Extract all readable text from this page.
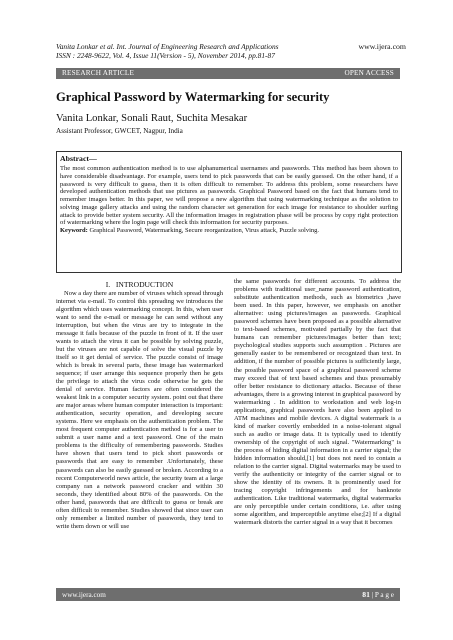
Vanita Lonkar et al. Int. Journal of Engineering Research and Applications	www.ijera.com
ISSN : 2248-9622, Vol. 4, Issue 11(Version - 5), November 2014, pp.81-87
RESEARCH ARTICLE	OPEN ACCESS
Graphical Password by Watermarking for security
Vanita Lonkar, Sonali Raut, Suchita Mesakar
Assistant Professor, GWCET, Nagpur, India
Abstract—

The most common authentication method is to use alphanumerical usernames and passwords. This method has been shown to have considerable disadvantage. For example, users tend to pick passwords that can be easily guessed. On the other hand, if a password is very difficult to guess, then it is often difficult to remember. To address this problem, some researchers have developed authentication methods that use pictures as passwords. Graphical Password based on the fact that humans tend to remember images better. In this paper, we will propose a new algorithm that using watermarking technique as the solution to solving image gallery attacks and using the random character set generation for each image for resistance to shoulder surfing attack to provide better system security. All the information images in registration phase will be process by copy right protection of watermarking where the login page will check this information for security purposes.

Keyword: Graphical Password, Watermarking, Secure reorganization, Virus attack, Puzzle solving.

I. INTRODUCTION

Now a day there are number of viruses which spread through internet via e-mail. To control this spreading we introduces the algorithm which uses watermarking concept. In this, when user want to send the e-mail or message he can send without any interruption, but when the virus are try to integrate in the message it fails because of the puzzle in front of it. If the user wants to attach the virus it can be possible by solving puzzle, but the viruses are not capable of solve the visual puzzle by itself so it get denial of service. The puzzle consist of image which is break in several parts, these image has watermarked sequence; if user arrange this sequence properly then he gets the privilege to attach the virus code otherwise he gets the denial of service. Human factors are often considered the weakest link in a computer security system. point out that there are major areas where human computer interaction is important: authentication, security operation, and developing secure systems. Here we emphasis on the authentication problem. The most frequent computer authentication method is for a user to submit a user name and a text password. One of the main problems is the difficulty of remembering passwords. Studies have shown that users tend to pick short passwords or passwords that are easy to remember .Unfortunately, these passwords can also be easily guessed or broken. According to a recent Computerworld news article, the security team at a large company ran a network password cracker and within 30 seconds, they identified about 80% of the passwords. On the other hand, passwords that are difficult to guess or break are often difficult to remember. Studies showed that since user can only remember a limited number of passwords, they tend to write them down or will use

the same passwords for different accounts. To address the problems with traditional user_name password authentication, substitute authentication methods, such as biometrics ,have been used. In this paper, however, we emphasis on another alternative: using pictures/images as passwords. Graphical password schemes have been proposed as a possible alternative to text-based schemes, motivated partially by the fact that humans can remember pictures/images better than text; psychological studies supports such assumption . Pictures are generally easier to be remembered or recognized than text. In addition, if the number of possible pictures is sufficiently large, the possible password space of a graphical password scheme may exceed that of text based schemes and thus presumably offer better resistance to dictionary attacks. Because of these advantages, there is a growing interest in graphical password by watermarking . In addition to workstation and web log-in applications, graphical passwords have also been applied to ATM machines and mobile devices. A digital watermark is a kind of marker covertly embedded in a noise-tolerant signal such as audio or image data. It is typically used to identify ownership of the copyright of such signal. "Watermarking" is the process of hiding digital information in a carrier signal; the hidden information should,[1] but does not need to contain a relation to the carrier signal. Digital watermarks may be used to verify the authenticity or integrity of the carrier signal or to show the identity of its owners. It is prominently used for tracing copyright infringements and for banknote authentication. Like traditional watermarks, digital watermarks are only perceptible under certain conditions, i.e. after using some algorithm, and imperceptible anytime else;[2] If a digital watermark distorts the carrier signal in a way that it becomes

www.ijera.com	81 | P a g e
